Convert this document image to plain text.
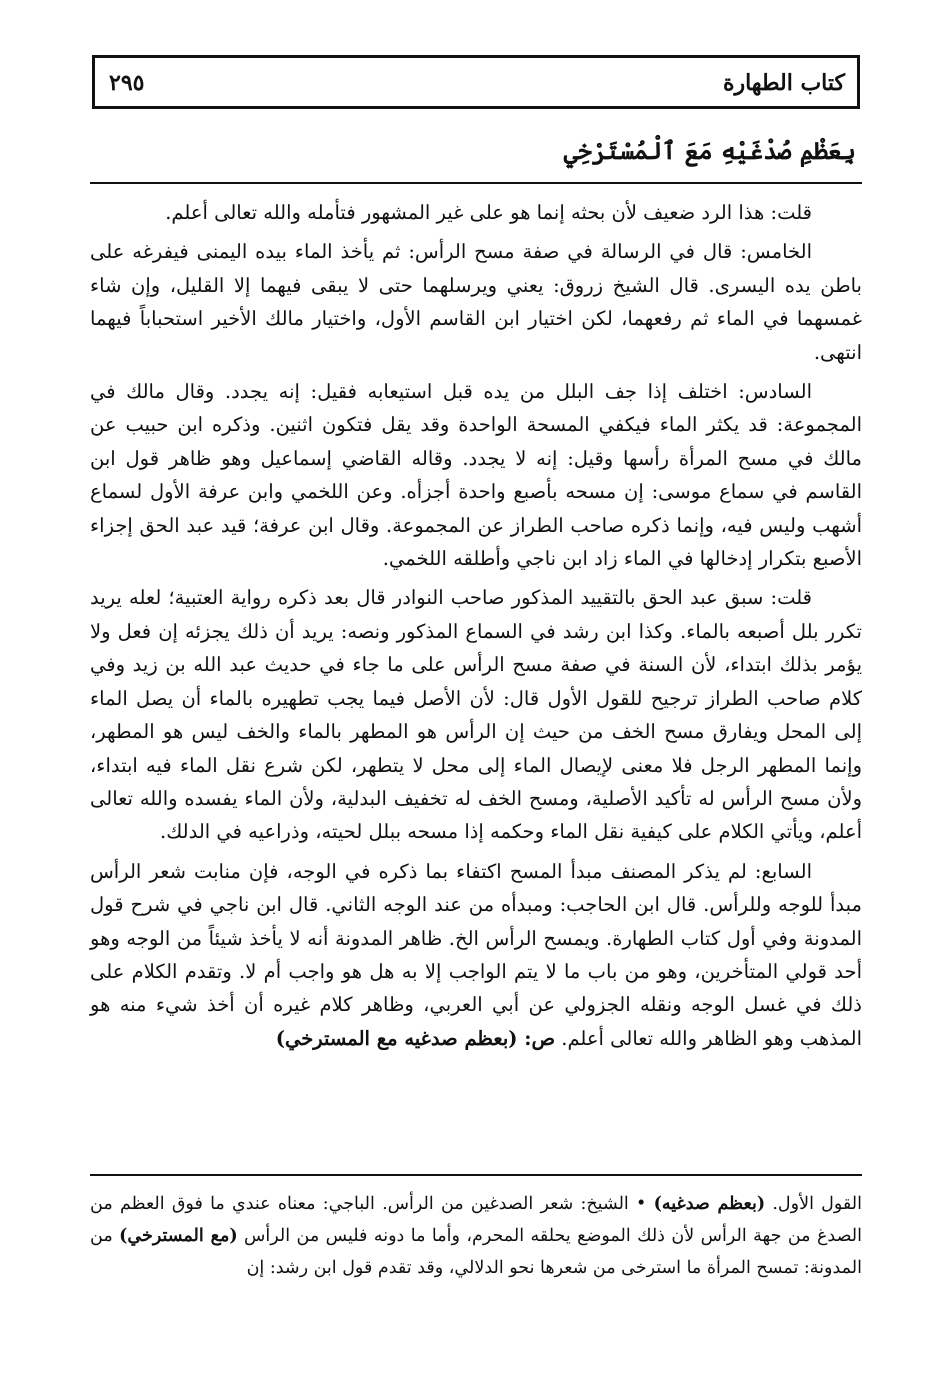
كتاب الطهارة
٢٩٥
بِعَظْمِ صُدْغَيْهِ مَعَ ٱلْمُسْتَرْخِي

قلت: هذا الرد ضعيف لأن بحثه إنما هو على غير المشهور فتأمله والله تعالى أعلم.

الخامس: قال في الرسالة في صفة مسح الرأس: ثم يأخذ الماء بيده اليمنى فيفرغه على باطن يده اليسرى. قال الشيخ زروق: يعني ويرسلهما حتى لا يبقى فيهما إلا القليل، وإن شاء غمسهما في الماء ثم رفعهما، لكن اختيار ابن القاسم الأول، واختيار مالك الأخير استحباباً فيهما انتهى.

السادس: اختلف إذا جف البلل من يده قبل استيعابه فقيل: إنه يجدد. وقال مالك في المجموعة: قد يكثر الماء فيكفي المسحة الواحدة وقد يقل فتكون اثنين. وذكره ابن حبيب عن مالك في مسح المرأة رأسها وقيل: إنه لا يجدد. وقاله القاضي إسماعيل وهو ظاهر قول ابن القاسم في سماع موسى: إن مسحه بأصبع واحدة أجزأه. وعن اللخمي وابن عرفة الأول لسماع أشهب وليس فيه، وإنما ذكره صاحب الطراز عن المجموعة. وقال ابن عرفة؛ قيد عبد الحق إجزاء الأصبع بتكرار إدخالها في الماء زاد ابن ناجي وأطلقه اللخمي.

قلت: سبق عبد الحق بالتقييد المذكور صاحب النوادر قال بعد ذكره رواية العتبية؛ لعله يريد تكرر بلل أصبعه بالماء. وكذا ابن رشد في السماع المذكور ونصه: يريد أن ذلك يجزئه إن فعل ولا يؤمر بذلك ابتداء، لأن السنة في صفة مسح الرأس على ما جاء في حديث عبد الله بن زيد وفي كلام صاحب الطراز ترجيح للقول الأول قال: لأن الأصل فيما يجب تطهيره بالماء أن يصل الماء إلى المحل ويفارق مسح الخف من حيث إن الرأس هو المطهر بالماء والخف ليس هو المطهر، وإنما المطهر الرجل فلا معنى لإيصال الماء إلى محل لا يتطهر، لكن شرع نقل الماء فيه ابتداء، ولأن مسح الرأس له تأكيد الأصلية، ومسح الخف له تخفيف البدلية، ولأن الماء يفسده والله تعالى أعلم، ويأتي الكلام على كيفية نقل الماء وحكمه إذا مسحه ببلل لحيته، وذراعيه في الدلك.

السابع: لم يذكر المصنف مبدأ المسح اكتفاء بما ذكره في الوجه، فإن منابت شعر الرأس مبدأ للوجه وللرأس. قال ابن الحاجب: ومبدأه من عند الوجه الثاني. قال ابن ناجي في شرح قول المدونة وفي أول كتاب الطهارة. ويمسح الرأس الخ. ظاهر المدونة أنه لا يأخذ شيئاً من الوجه وهو أحد قولي المتأخرين، وهو من باب ما لا يتم الواجب إلا به هل هو واجب أم لا. وتقدم الكلام على ذلك في غسل الوجه ونقله الجزولي عن أبي العربي، وظاهر كلام غيره أن أخذ شيء منه هو المذهب وهو الظاهر والله تعالى أعلم. ص: (بعظم صدغيه مع المسترخي)

القول الأول. (بعظم صدغيه) • الشيخ: شعر الصدغين من الرأس. الباجي: معناه عندي ما فوق العظم من الصدغ من جهة الرأس لأن ذلك الموضع يحلقه المحرم، وأما ما دونه فليس من الرأس (مع المسترخي) من المدونة: تمسح المرأة ما استرخى من شعرها نحو الدلالي، وقد تقدم قول ابن رشد: إن
